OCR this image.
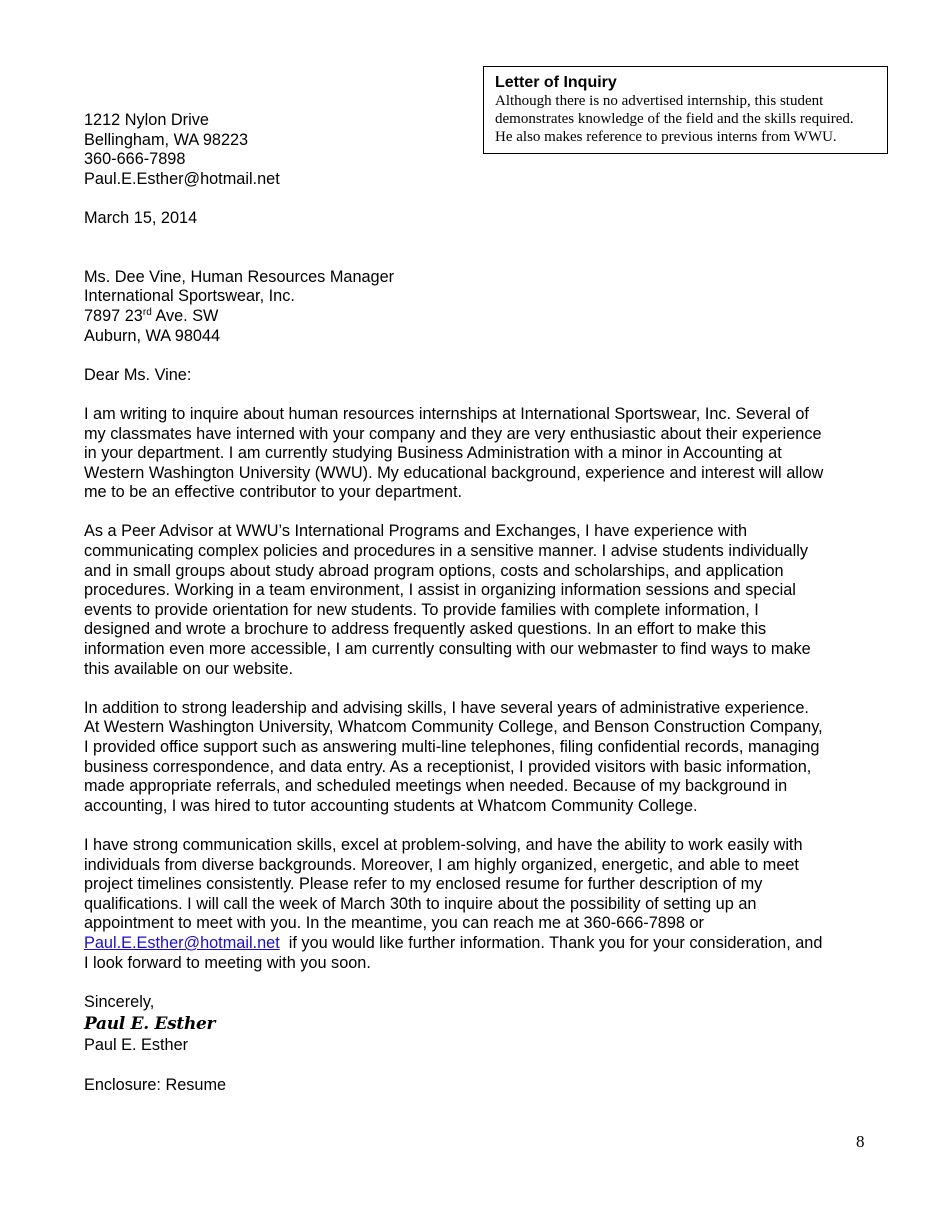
Letter of Inquiry
Although there is no advertised internship, this student
demonstrates knowledge of the field and the skills required.
He also makes reference to previous interns from WWU.
1212 Nylon Drive
Bellingham, WA 98223
360-666-7898
Paul.E.Esther@hotmail.net
March 15, 2014
Ms. Dee Vine, Human Resources Manager
International Sportswear, Inc.
7897 23rd Ave. SW
Auburn, WA 98044
Dear Ms. Vine:
I am writing to inquire about human resources internships at International Sportswear, Inc. Several of
my classmates have interned with your company and they are very enthusiastic about their experience
in your department. I am currently studying Business Administration with a minor in Accounting at
Western Washington University (WWU). My educational background, experience and interest will allow
me to be an effective contributor to your department.
As a Peer Advisor at WWU’s International Programs and Exchanges, I have experience with
communicating complex policies and procedures in a sensitive manner. I advise students individually
and in small groups about study abroad program options, costs and scholarships, and application
procedures. Working in a team environment, I assist in organizing information sessions and special
events to provide orientation for new students. To provide families with complete information, I
designed and wrote a brochure to address frequently asked questions. In an effort to make this
information even more accessible, I am currently consulting with our webmaster to find ways to make
this available on our website.
In addition to strong leadership and advising skills, I have several years of administrative experience.
At Western Washington University, Whatcom Community College, and Benson Construction Company,
I provided office support such as answering multi-line telephones, filing confidential records, managing
business correspondence, and data entry. As a receptionist, I provided visitors with basic information,
made appropriate referrals, and scheduled meetings when needed. Because of my background in
accounting, I was hired to tutor accounting students at Whatcom Community College.
I have strong communication skills, excel at problem-solving, and have the ability to work easily with
individuals from diverse backgrounds. Moreover, I am highly organized, energetic, and able to meet
project timelines consistently. Please refer to my enclosed resume for further description of my
qualifications. I will call the week of March 30th to inquire about the possibility of setting up an
appointment to meet with you. In the meantime, you can reach me at 360-666-7898 or
Paul.E.Esther@hotmail.net  if you would like further information. Thank you for your consideration, and
I look forward to meeting with you soon.
Sincerely,
Paul E. Esther
Paul E. Esther
Enclosure: Resume
8
